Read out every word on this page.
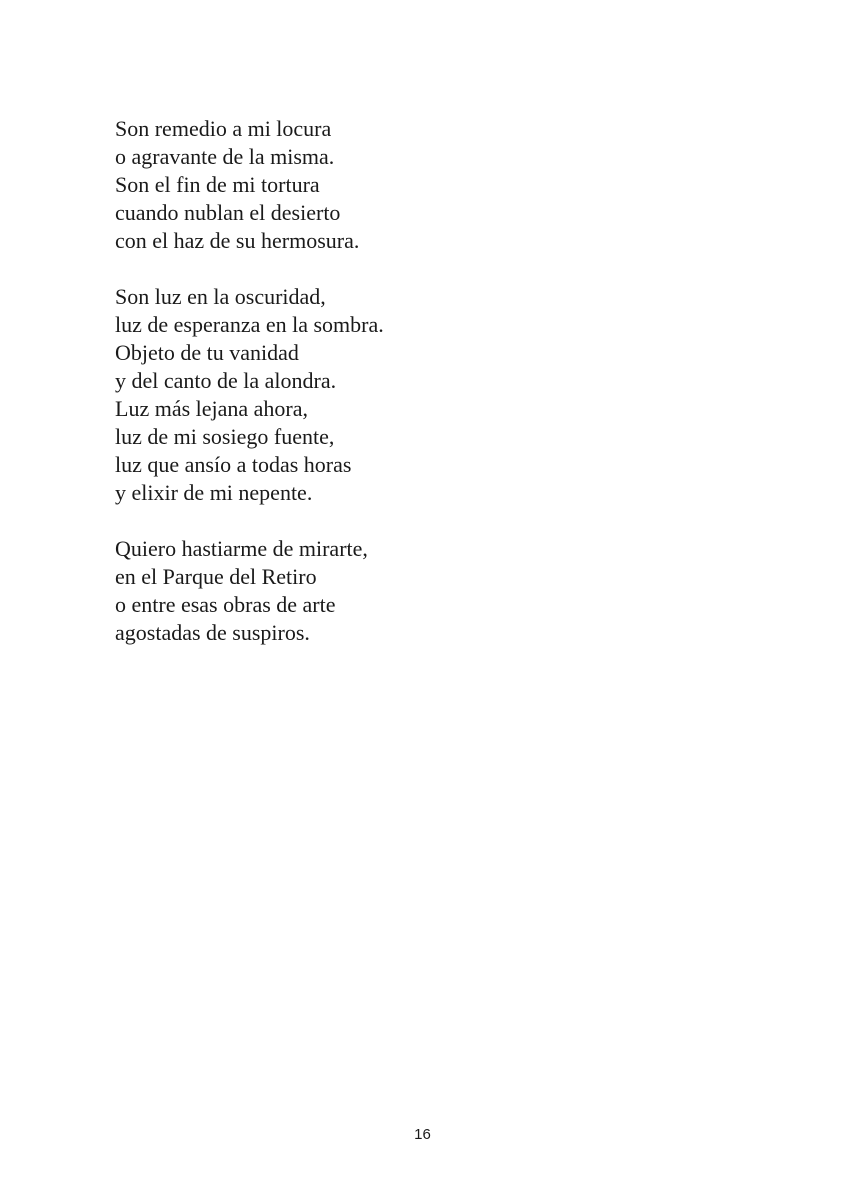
Son remedio a mi locura
o agravante de la misma.
Son el fin de mi tortura
cuando nublan el desierto
con el haz de su hermosura.
Son luz en la oscuridad,
luz de esperanza en la sombra.
Objeto de tu vanidad
y del canto de la alondra.
Luz más lejana ahora,
luz de mi sosiego fuente,
luz que ansío a todas horas
y elixir de mi nepente.
Quiero hastiarme de mirarte,
en el Parque del Retiro
o entre esas obras de arte
agostadas de suspiros.
16
